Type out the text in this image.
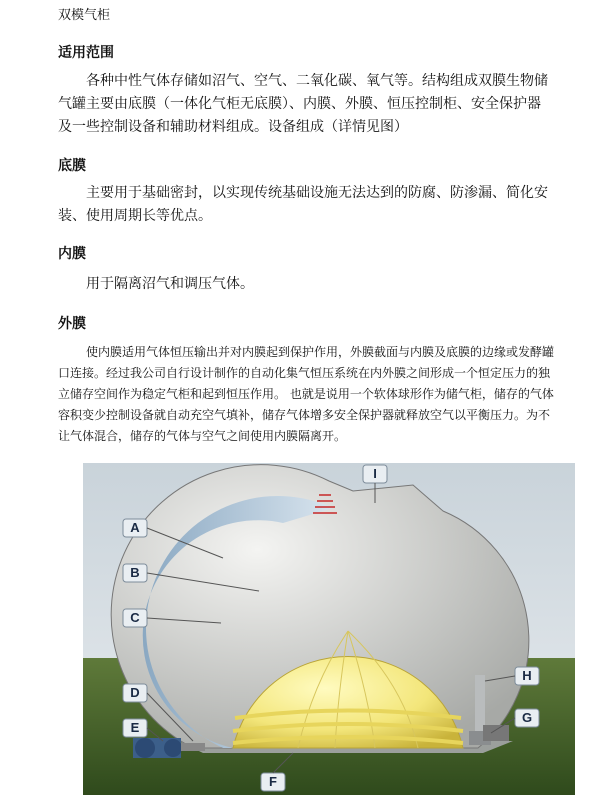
双模气柜
适用范围
各种中性气体存储如沼气、空气、二氧化碳、氧气等。结构组成双膜生物储气罐主要由底膜（一体化气柜无底膜）、内膜、外膜、恒压控制柜、安全保护器及一些控制设备和辅助材料组成。设备组成（详情见图）
底膜
主要用于基础密封，以实现传统基础设施无法达到的防腐、防渗漏、简化安装、使用周期长等优点。
内膜
用于隔离沼气和调压气体。
外膜
使内膜适用气体恒压输出并对内膜起到保护作用，外膜截面与内膜及底膜的边缘或发酵罐口连接。经过我公司自行设计制作的自动化集气恒压系统在内外膜之间形成一个恒定压力的独立储存空间作为稳定气柜和起到恒压作用。 也就是说用一个软体球形作为储气柜，储存的气体容积变少控制设备就自动充空气填补，储存气体增多安全保护器就释放空气以平衡压力。为不让气体混合，储存的气体与空气之间使用内膜隔离开。
I
A
B
C
H
D
G
E
F
